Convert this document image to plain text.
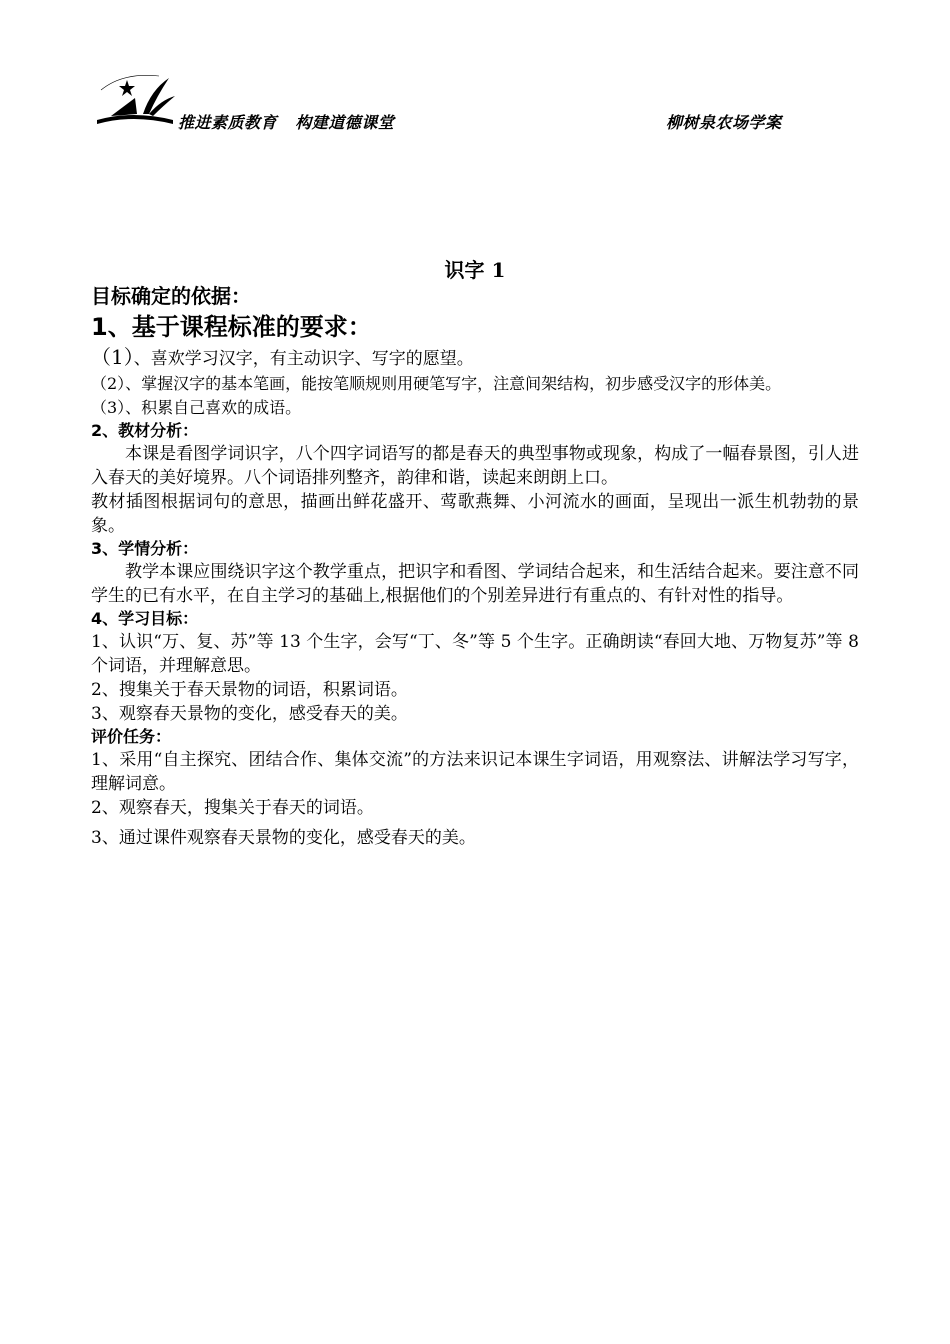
推进素质教育   构建道德课堂	柳树泉农场学案
识字 1
目标确定的依据：
1、基于课程标准的要求：
（1）、喜欢学习汉字，有主动识字、写字的愿望。
（2）、掌握汉字的基本笔画，能按笔顺规则用硬笔写字，注意间架结构，初步感受汉字的形体美。
（3）、积累自己喜欢的成语。
2、教材分析：
本课是看图学词识字，八个四字词语写的都是春天的典型事物或现象，构成了一幅春景图，引人进入春天的美好境界。八个词语排列整齐，韵律和谐，读起来朗朗上口。
教材插图根据词句的意思，描画出鲜花盛开、莺歌燕舞、小河流水的画面，呈现出一派生机勃勃的景象。
3、学情分析：
教学本课应围绕识字这个教学重点，把识字和看图、学词结合起来，和生活结合起来。要注意不同学生的已有水平，在自主学习的基础上,根据他们的个别差异进行有重点的、有针对性的指导。
4、学习目标：
1、认识“万、复、苏”等 13 个生字，会写“丁、冬”等 5 个生字。正确朗读“春回大地、万物复苏”等 8 个词语，并理解意思。
2、搜集关于春天景物的词语，积累词语。
3、观察春天景物的变化，感受春天的美。
评价任务：
1、采用“自主探究、团结合作、集体交流”的方法来识记本课生字词语，用观察法、讲解法学习写字，理解词意。
2、观察春天，搜集关于春天的词语。
3、通过课件观察春天景物的变化，感受春天的美。
